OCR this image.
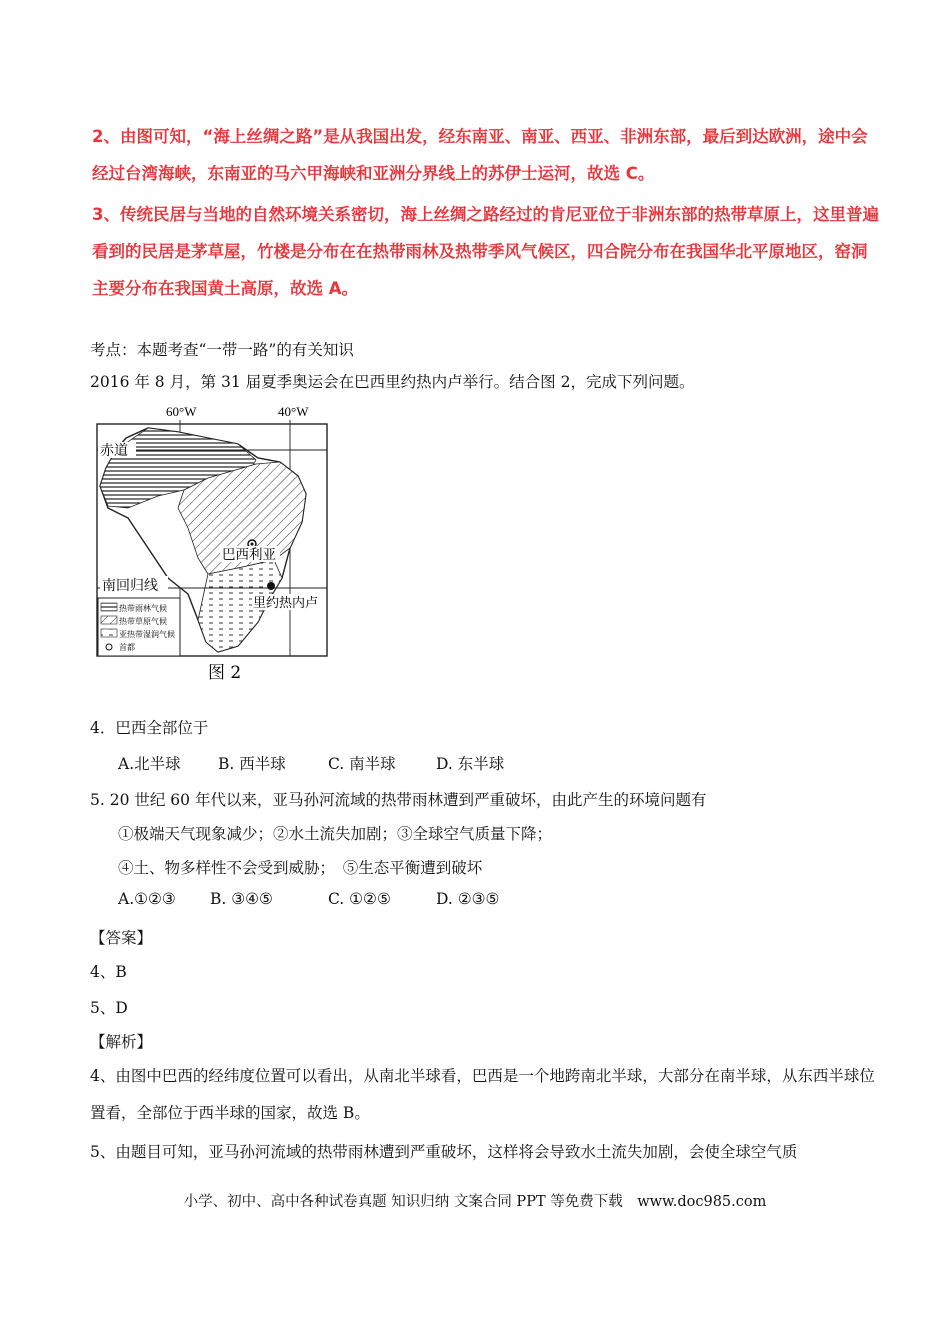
2、由图可知，“海上丝绸之路”是从我国出发，经东南亚、南亚、西亚、非洲东部，最后到达欧洲，途中会经过台湾海峡，东南亚的马六甲海峡和亚洲分界线上的苏伊士运河，故选 C。
3、传统民居与当地的自然环境关系密切，海上丝绸之路经过的肯尼亚位于非洲东部的热带草原上，这里普遍看到的民居是茅草屋，竹楼是分布在在热带雨林及热带季风气候区，四合院分布在我国华北平原地区，窑洞主要分布在我国黄土高原，故选 A。
考点：本题考查“一带一路”的有关知识
2016 年 8 月，第 31 届夏季奥运会在巴西里约热内卢举行。结合图 2，完成下列问题。
60°W	40°W
赤道
南回归线
巴西利亚
里约热内卢
热带雨林气候
热带草原气候
亚热带湿润气候
首都
图 2
4．巴西全部位于
A.北半球 B. 西半球	C. 南半球	D. 东半球
5. 20 世纪 60 年代以来，亚马孙河流域的热带雨林遭到严重破坏，由此产生的环境问题有
①极端天气现象减少；②水土流失加剧；③全球空气质量下降；
④土、物多样性不会受到威胁；　⑤生态平衡遭到破坏
A.①②③ B. ③④⑤	C. ①②⑤	D. ②③⑤
【答案】
4、B
5、D
【解析】
4、由图中巴西的经纬度位置可以看出，从南北半球看，巴西是一个地跨南北半球，大部分在南半球，从东西半球位置看，全部位于西半球的国家，故选 B。
5、由题目可知，亚马孙河流域的热带雨林遭到严重破坏，这样将会导致水土流失加剧，会使全球空气质
小学、初中、高中各种试卷真题 知识归纳 文案合同 PPT 等免费下载　www.doc985.com
